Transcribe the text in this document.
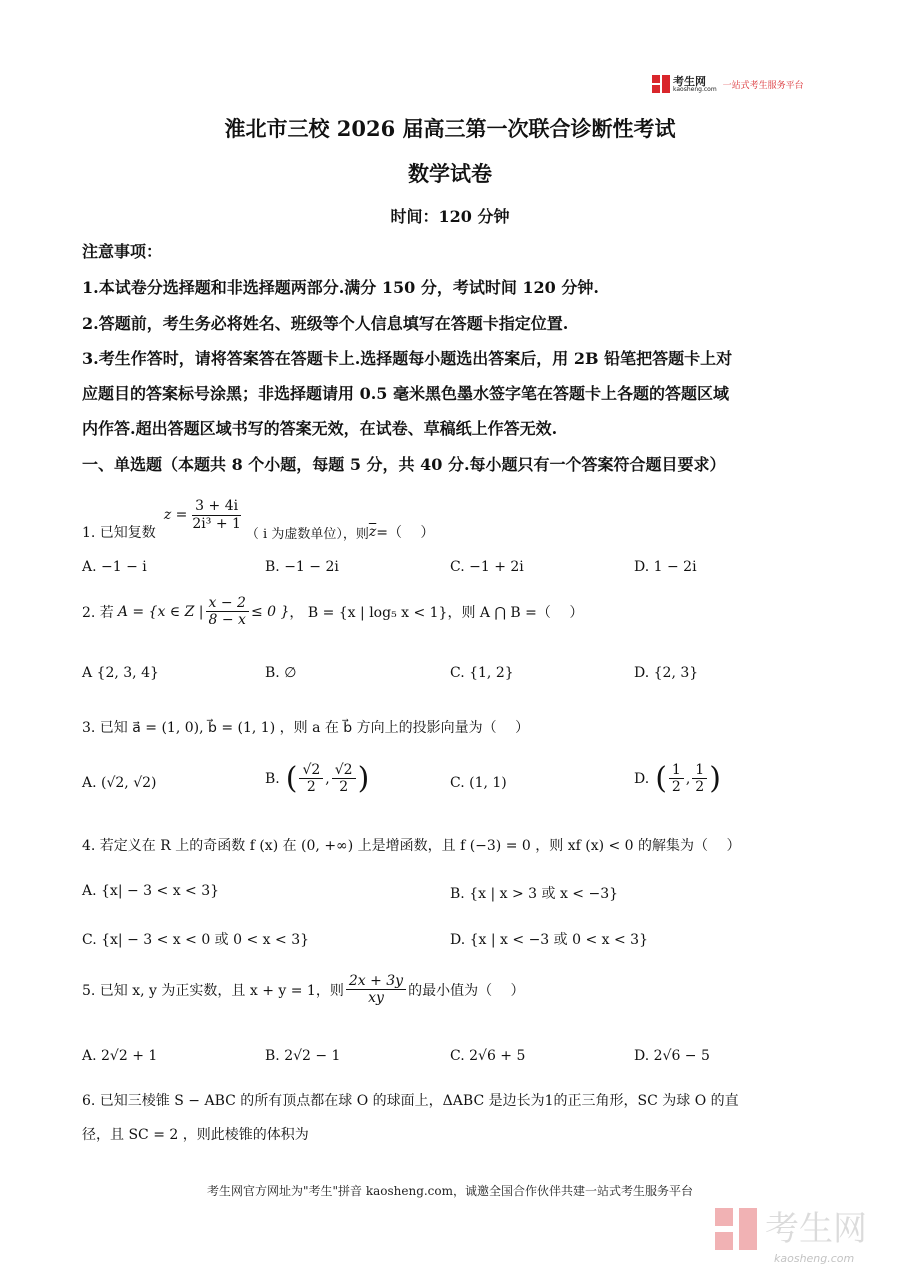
考生网
kaosheng.com 一站式考生服务平台
淮北市三校 2026 届高三第一次联合诊断性考试
数学试卷
时间：120 分钟
注意事项：
1.本试卷分选择题和非选择题两部分.满分 150 分，考试时间 120 分钟.
2.答题前，考生务必将姓名、班级等个人信息填写在答题卡指定位置.
3.考生作答时，请将答案答在答题卡上.选择题每小题选出答案后，用 2B 铅笔把答题卡上对
应题目的答案标号涂黑；非选择题请用 0.5 毫米黑色墨水签字笔在答题卡上各题的答题区域
内作答.超出答题区域书写的答案无效，在试卷、草稿纸上作答无效.
一、单选题（本题共 8 个小题，每题 5 分，共 40 分.每小题只有一个答案符合题目要求）
1. 已知复数
$z = \frac{3 + 4i}{\text{2i³ + 1}}$
（ i 为虚数单位），则 $\overline{z}$ =（　 ）
A. −1 − i	B. −1 − 2i	C. −1 + 2i	D. 1 − 2i
2. 若 A = {x ∈ Z | $\frac{x - 2}{8 - x} \le 0$ } ， B = {x | log₅ x < 1} ，则 A ⋂ B =（　 ）
A {2, 3, 4}	B. ∅	C. {1, 2}	D. {2, 3}
3. 已知 a⃗ = (1, 0), b⃗ = (1, 1) ，则 a 在 b⃗ 方向上的投影向量为（　 ）
A. (√2, √2)	B. ( $\frac{√2}{2}$ , $\frac{√2}{2}$ )	C. (1, 1)	D. ( $\frac{1}{2}$ , $\frac{1}{2}$ )
4. 若定义在 R 上的奇函数 f (x) 在 (0, +∞) 上是增函数，且 f (−3) = 0 ，则 xf (x) < 0 的解集为（　 ）
A. {x| − 3 < x < 3}	B. {x | x > 3 或 x < −3}
C. {x| − 3 < x < 0 或 0 < x < 3}	D. {x | x < −3 或 0 < x < 3}
5. 已知 x, y 为正实数，且 x + y = 1，则 $\frac{2x + 3y}{xy}$ 的最小值为（　 ）
A. 2√2 + 1	B. 2√2 − 1	C. 2√6 + 5	D. 2√6 − 5
6. 已知三棱锥 S − ABC 的所有顶点都在球 O 的球面上，ΔABC 是边长为1的正三角形，SC 为球 O 的直
径，且 SC = 2 ，则此棱锥的体积为
考生网官方网址为"考生"拼音 kaosheng.com，诚邀全国合作伙伴共建一站式考生服务平台
考生网
kaosheng.com
